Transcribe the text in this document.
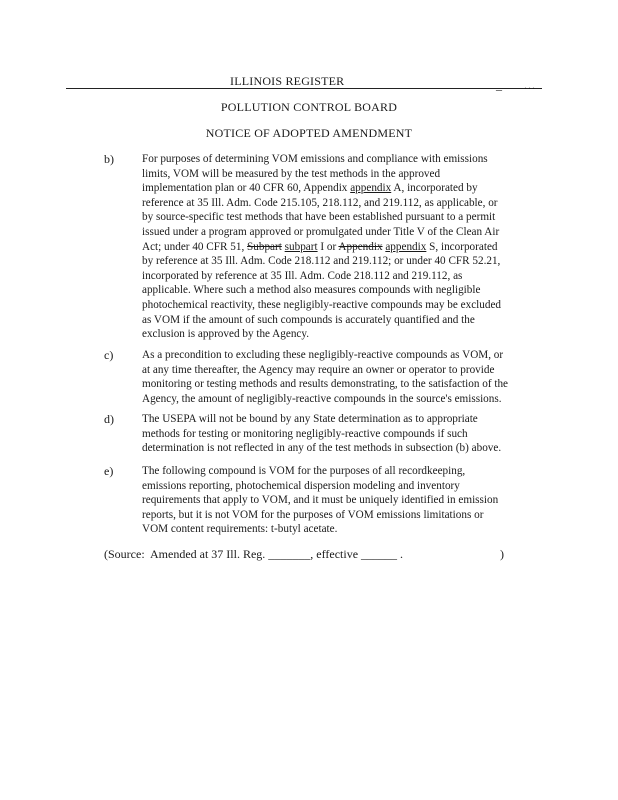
ILLINOIS REGISTER	_ ...
POLLUTION CONTROL BOARD
NOTICE OF ADOPTED AMENDMENT
b)	For purposes of determining VOM emissions and compliance with emissions
limits, VOM will be measured by the test methods in the approved
implementation plan or 40 CFR 60, Appendix appendix A, incorporated by
reference at 35 Ill. Adm. Code 215.105, 218.112, and 219.112, as applicable, or
by source-specific test methods that have been established pursuant to a permit
issued under a program approved or promulgated under Title V of the Clean Air
Act; under 40 CFR 51, Subpart subpart I or Appendix appendix S, incorporated
by reference at 35 Ill. Adm. Code 218.112 and 219.112; or under 40 CFR 52.21,
incorporated by reference at 35 Ill. Adm. Code 218.112 and 219.112, as
applicable. Where such a method also measures compounds with negligible
photochemical reactivity, these negligibly-reactive compounds may be excluded
as VOM if the amount of such compounds is accurately quantified and the
exclusion is approved by the Agency.
c)	As a precondition to excluding these negligibly-reactive compounds as VOM, or
at any time thereafter, the Agency may require an owner or operator to provide
monitoring or testing methods and results demonstrating, to the satisfaction of the
Agency, the amount of negligibly-reactive compounds in the source's emissions.
d)	The USEPA will not be bound by any State determination as to appropriate
methods for testing or monitoring negligibly-reactive compounds if such
determination is not reflected in any of the test methods in subsection (b) above.
e)	The following compound is VOM for the purposes of all recordkeeping,
emissions reporting, photochemical dispersion modeling and inventory
requirements that apply to VOM, and it must be uniquely identified in emission
reports, but it is not VOM for the purposes of VOM emissions limitations or
VOM content requirements: t-butyl acetate.
(Source:  Amended at 37 Ill. Reg. _______, effective ______ .	)
